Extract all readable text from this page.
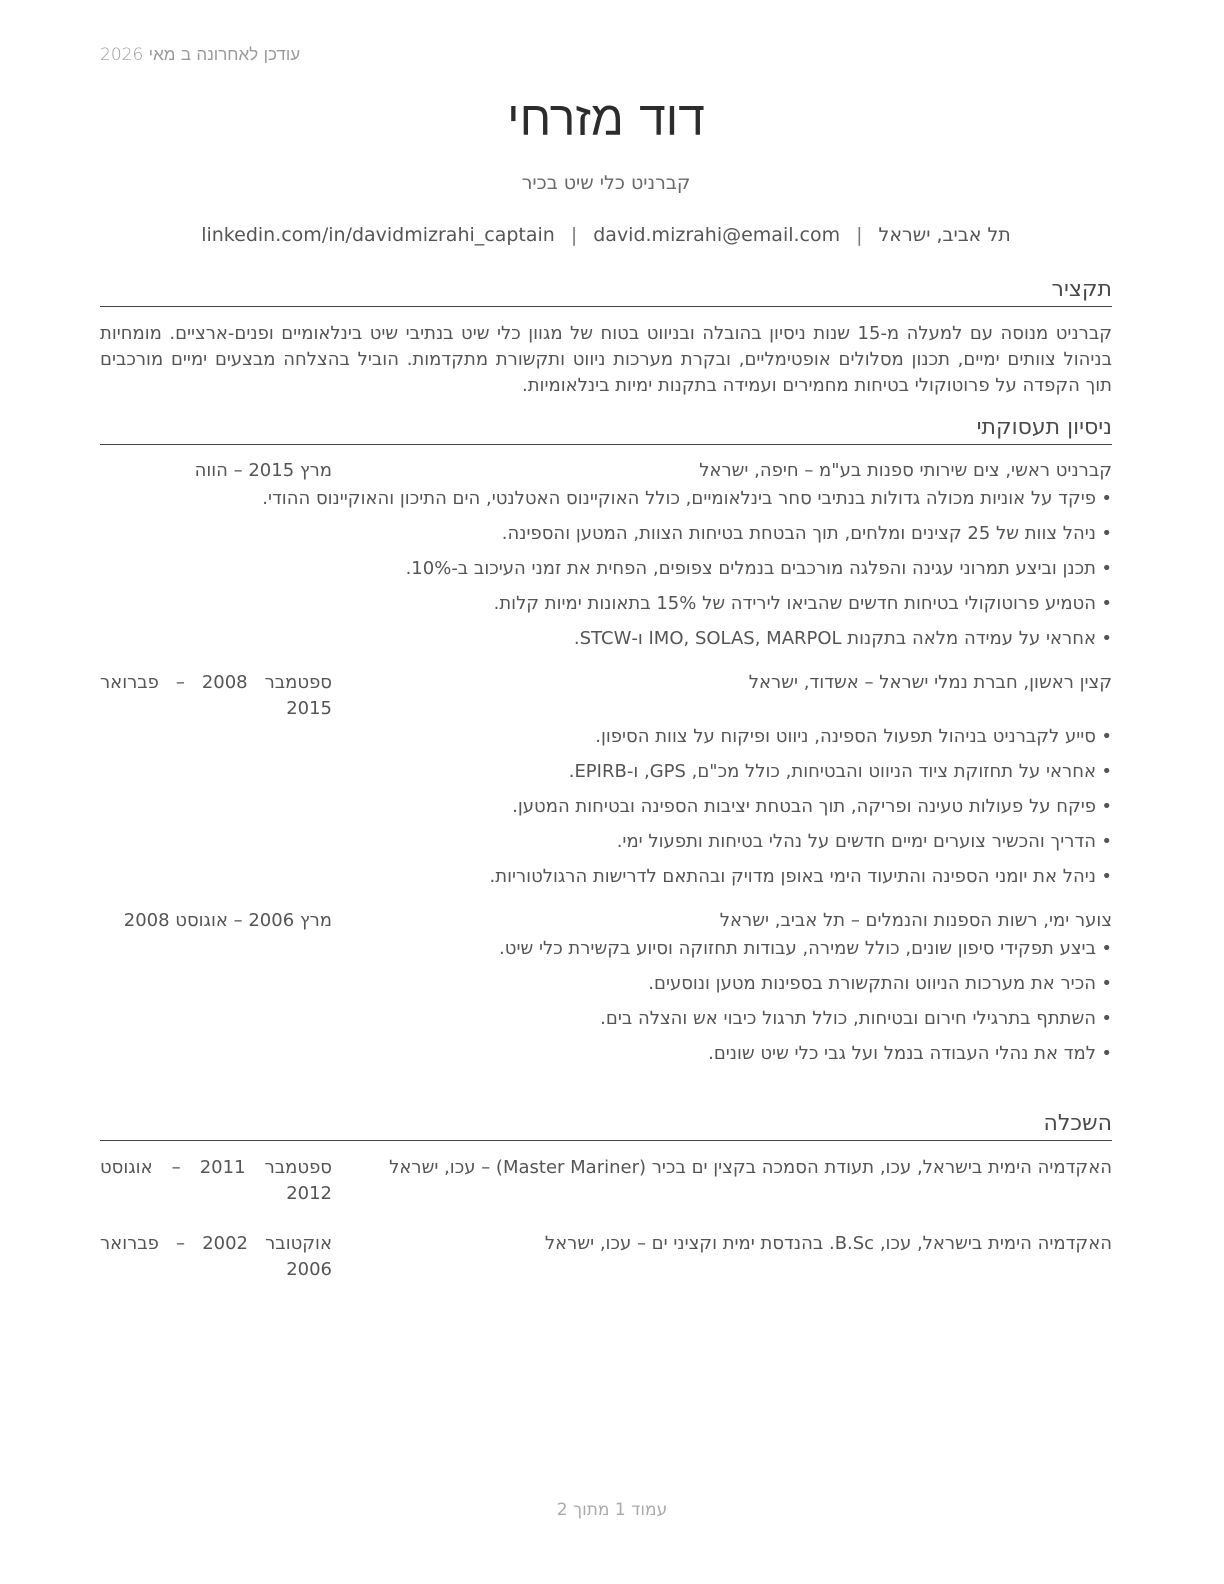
עודכן לאחרונה ב מאי 2026
דוד מזרחי
קברניט כלי שיט בכיר
תל אביב, ישראל|david.mizrahi@email.com|linkedin.com/in/davidmizrahi_captain
תקציר
קברניט מנוסה עם למעלה מ-15 שנות ניסיון בהובלה ובניווט בטוח של מגוון כלי שיט בנתיבי שיט בינלאומיים ופנים-ארציים. מומחיות בניהול צוותים ימיים, תכנון מסלולים אופטימליים, ובקרת מערכות ניווט ותקשורת מתקדמות. הוביל בהצלחה מבצעים ימיים מורכבים תוך הקפדה על פרוטוקולי בטיחות מחמירים ועמידה בתקנות ימיות בינלאומיות.
ניסיון תעסוקתי
קברניט ראשי, צים שירותי ספנות בע"מ – חיפה, ישראל
מרץ 2015 – הווה
• פיקד על אוניות מכולה גדולות בנתיבי סחר בינלאומיים, כולל האוקיינוס האטלנטי, הים התיכון והאוקיינוס ההודי.
• ניהל צוות של 25 קצינים ומלחים, תוך הבטחת בטיחות הצוות, המטען והספינה.
• תכנן וביצע תמרוני עגינה והפלגה מורכבים בנמלים צפופים, הפחית את זמני העיכוב ב-10%.
• הטמיע פרוטוקולי בטיחות חדשים שהביאו לירידה של 15% בתאונות ימיות קלות.
• אחראי על עמידה מלאה בתקנות IMO, SOLAS, MARPOL ו-STCW.
קצין ראשון, חברת נמלי ישראל – אשדוד, ישראל
ספטמבר 2008 – פברואר 2015
• סייע לקברניט בניהול תפעול הספינה, ניווט ופיקוח על צוות הסיפון.
• אחראי על תחזוקת ציוד הניווט והבטיחות, כולל מכ"ם, GPS, ו-EPIRB.
• פיקח על פעולות טעינה ופריקה, תוך הבטחת יציבות הספינה ובטיחות המטען.
• הדריך והכשיר צוערים ימיים חדשים על נהלי בטיחות ותפעול ימי.
• ניהל את יומני הספינה והתיעוד הימי באופן מדויק ובהתאם לדרישות הרגולטוריות.
צוער ימי, רשות הספנות והנמלים – תל אביב, ישראל
מרץ 2006 – אוגוסט 2008
• ביצע תפקידי סיפון שונים, כולל שמירה, עבודות תחזוקה וסיוע בקשירת כלי שיט.
• הכיר את מערכות הניווט והתקשורת בספינות מטען ונוסעים.
• השתתף בתרגילי חירום ובטיחות, כולל תרגול כיבוי אש והצלה בים.
• למד את נהלי העבודה בנמל ועל גבי כלי שיט שונים.
השכלה
האקדמיה הימית בישראל, עכו, תעודת הסמכה בקצין ים בכיר (Master Mariner) – עכו, ישראל
ספטמבר 2011 – אוגוסט 2012
האקדמיה הימית בישראל, עכו, B.Sc. בהנדסת ימית וקציני ים – עכו, ישראל
אוקטובר 2002 – פברואר 2006
עמוד 1 מתוך 2
